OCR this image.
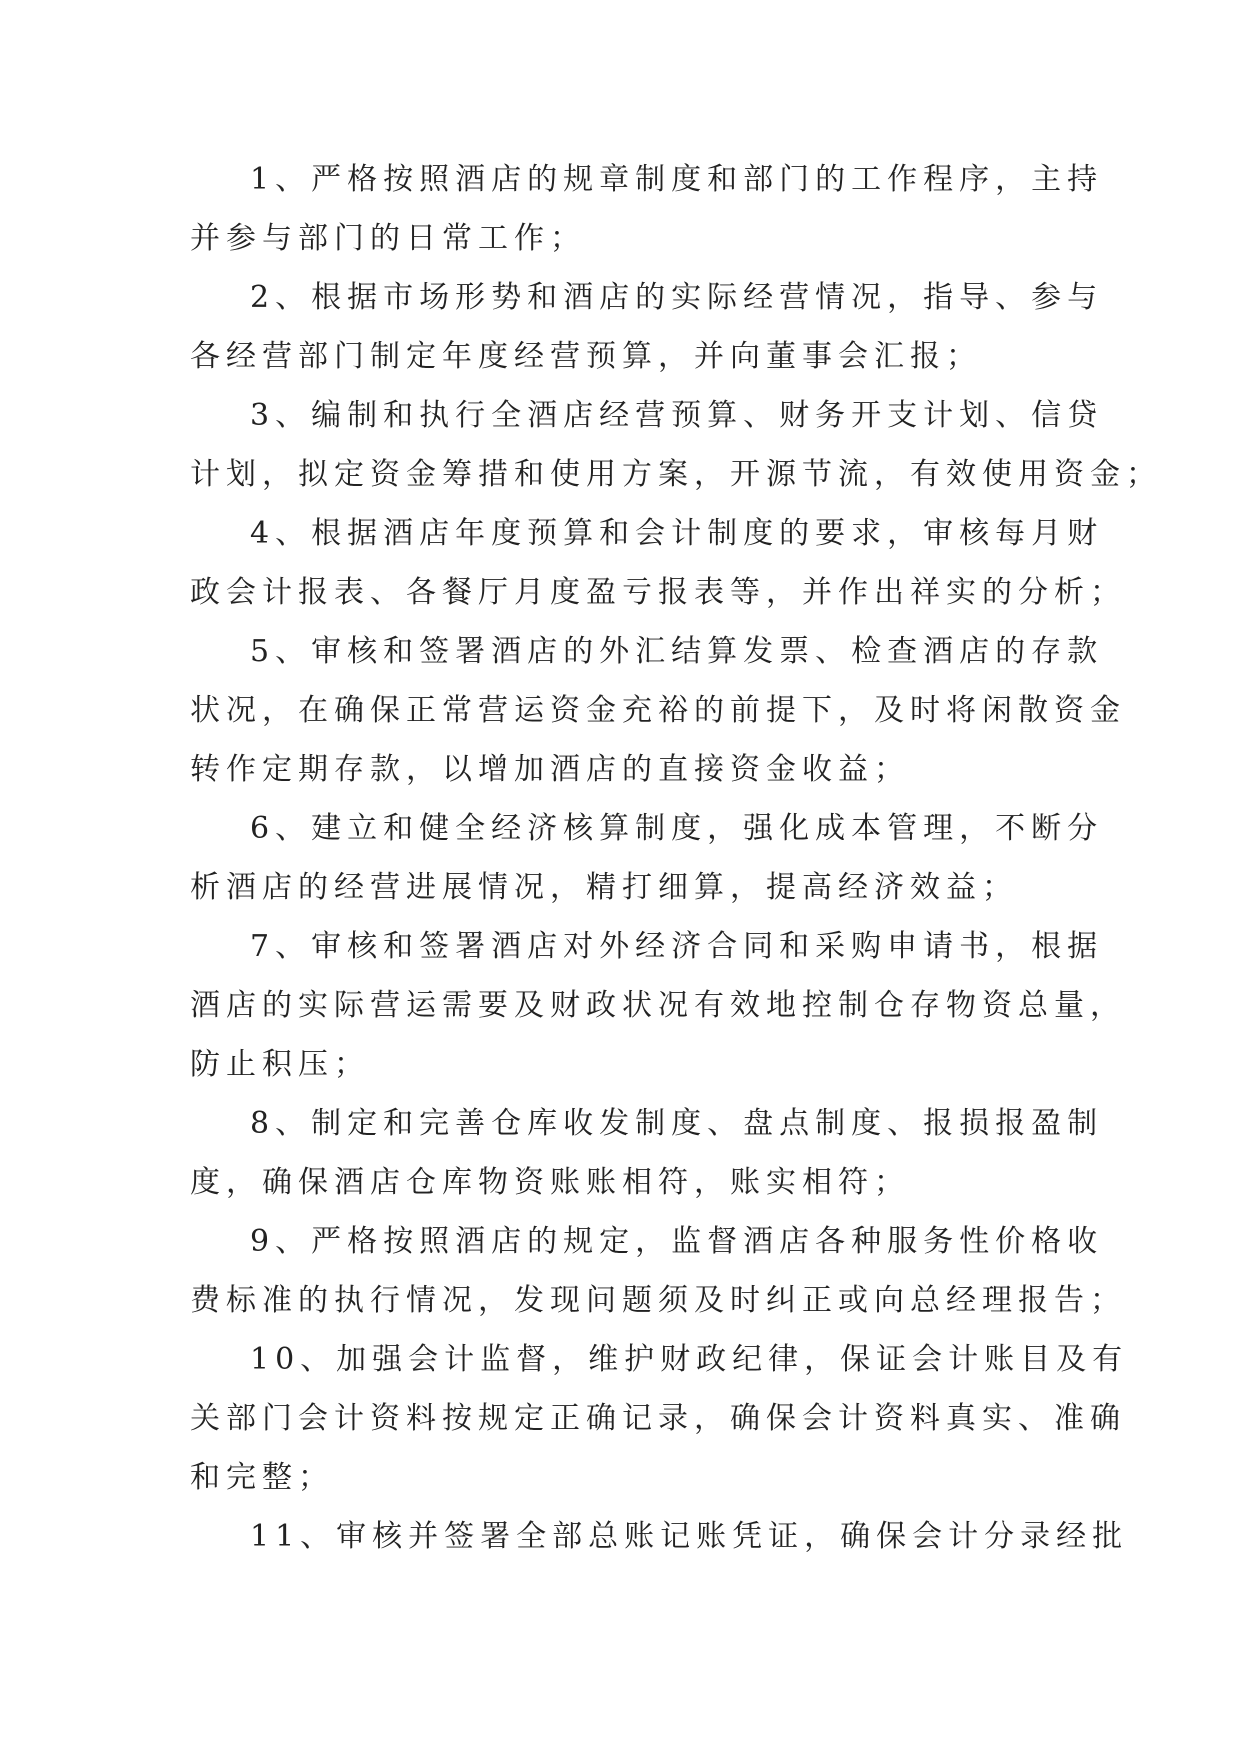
1、严格按照酒店的规章制度和部门的工作程序，主持
并参与部门的日常工作；
2、根据市场形势和酒店的实际经营情况，指导、参与
各经营部门制定年度经营预算，并向董事会汇报；
3、编制和执行全酒店经营预算、财务开支计划、信贷
计划，拟定资金筹措和使用方案，开源节流，有效使用资金；
4、根据酒店年度预算和会计制度的要求，审核每月财
政会计报表、各餐厅月度盈亏报表等，并作出祥实的分析；
5、审核和签署酒店的外汇结算发票、检查酒店的存款
状况，在确保正常营运资金充裕的前提下，及时将闲散资金
转作定期存款，以增加酒店的直接资金收益；
6、建立和健全经济核算制度，强化成本管理，不断分
析酒店的经营进展情况，精打细算，提高经济效益；
7、审核和签署酒店对外经济合同和采购申请书，根据
酒店的实际营运需要及财政状况有效地控制仓存物资总量，
防止积压；
8、制定和完善仓库收发制度、盘点制度、报损报盈制
度，确保酒店仓库物资账账相符，账实相符；
9、严格按照酒店的规定，监督酒店各种服务性价格收
费标准的执行情况，发现问题须及时纠正或向总经理报告；
10、加强会计监督，维护财政纪律，保证会计账目及有
关部门会计资料按规定正确记录，确保会计资料真实、准确
和完整；
11、审核并签署全部总账记账凭证，确保会计分录经批
